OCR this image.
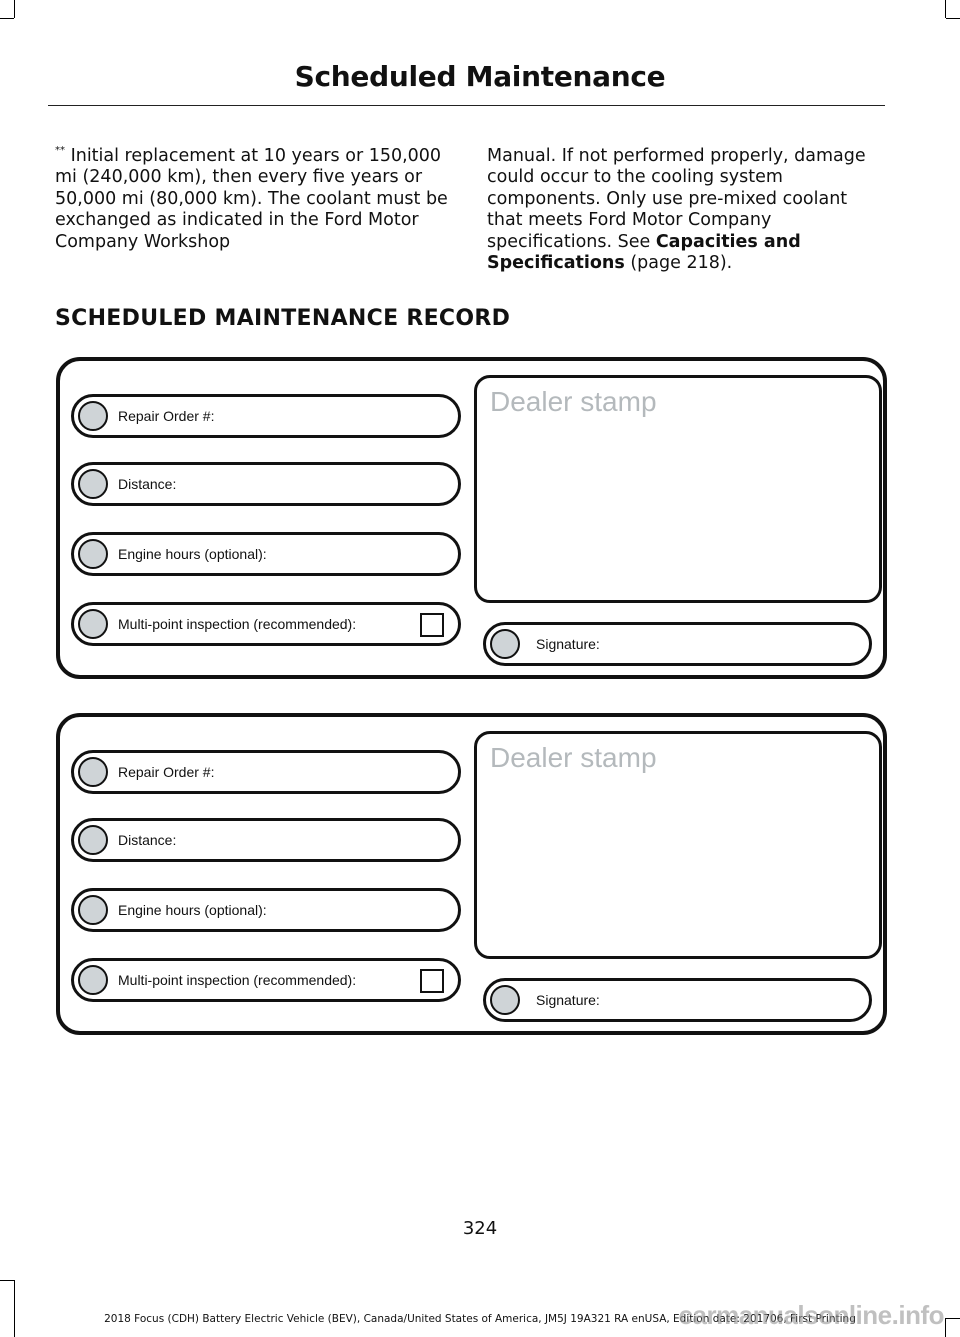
Scheduled Maintenance

** Initial replacement at 10 years or 150,000 mi (240,000 km), then every five years or 50,000 mi (80,000 km). The coolant must be exchanged as indicated in the Ford Motor Company Workshop

Manual. If not performed properly, damage could occur to the cooling system components. Only use pre-mixed coolant that meets Ford Motor Company specifications. See Capacities and Specifications (page 218).

SCHEDULED MAINTENANCE RECORD
Repair Order #:
Distance:
Engine hours (optional):
Multi-point inspection (recommended):
Dealer stamp
Signature:
Repair Order #:
Distance:
Engine hours (optional):
Multi-point inspection (recommended):
Dealer stamp
Signature:
324
2018 Focus (CDH) Battery Electric Vehicle (BEV), Canada/United States of America, JM5J 19A321 RA enUSA, Edition date: 201706, First Printing
carmanualsonline.info
